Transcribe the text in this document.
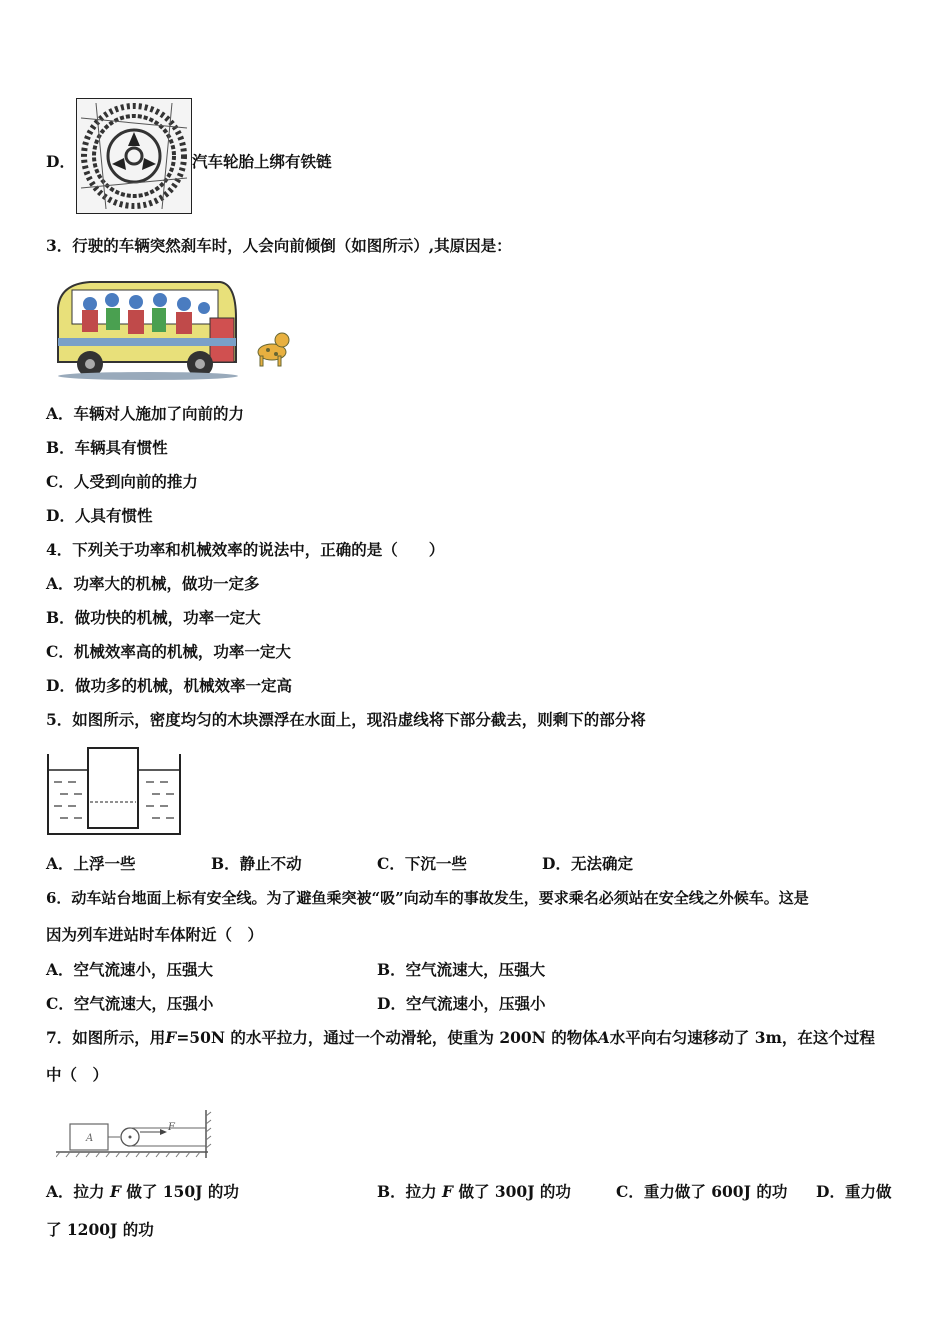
D．	汽车轮胎上绑有铁链
3．行驶的车辆突然刹车时，人会向前倾倒（如图所示）,其原因是：
A．车辆对人施加了向前的力
B．车辆具有惯性
C．人受到向前的推力
D．人具有惯性
4．下列关于功率和机械效率的说法中，正确的是（　　）
A．功率大的机械，做功一定多
B．做功快的机械，功率一定大
C．机械效率高的机械，功率一定大
D．做功多的机械，机械效率一定高
5．如图所示，密度均匀的木块漂浮在水面上，现沿虚线将下部分截去，则剩下的部分将
A．上浮一些	B．静止不动	C．下沉一些	D．无法确定
6．动车站台地面上标有安全线。为了避鱼乘突被“吸”向动车的事故发生，要求乘名必须站在安全线之外候车。这是
因为列车进站时车体附近（　）
A．空气流速小，压强大	B．空气流速大，压强大
C．空气流速大，压强小	D．空气流速小，压强小
7．如图所示，用F=50N 的水平拉力，通过一个动滑轮，使重为 200N 的物体A水平向右匀速移动了 3m，在这个过程
中（　）
A
F
A．拉力 F 做了 150J 的功	B．拉力 F 做了 300J 的功	C．重力做了 600J 的功 D．重力做
了 1200J 的功
